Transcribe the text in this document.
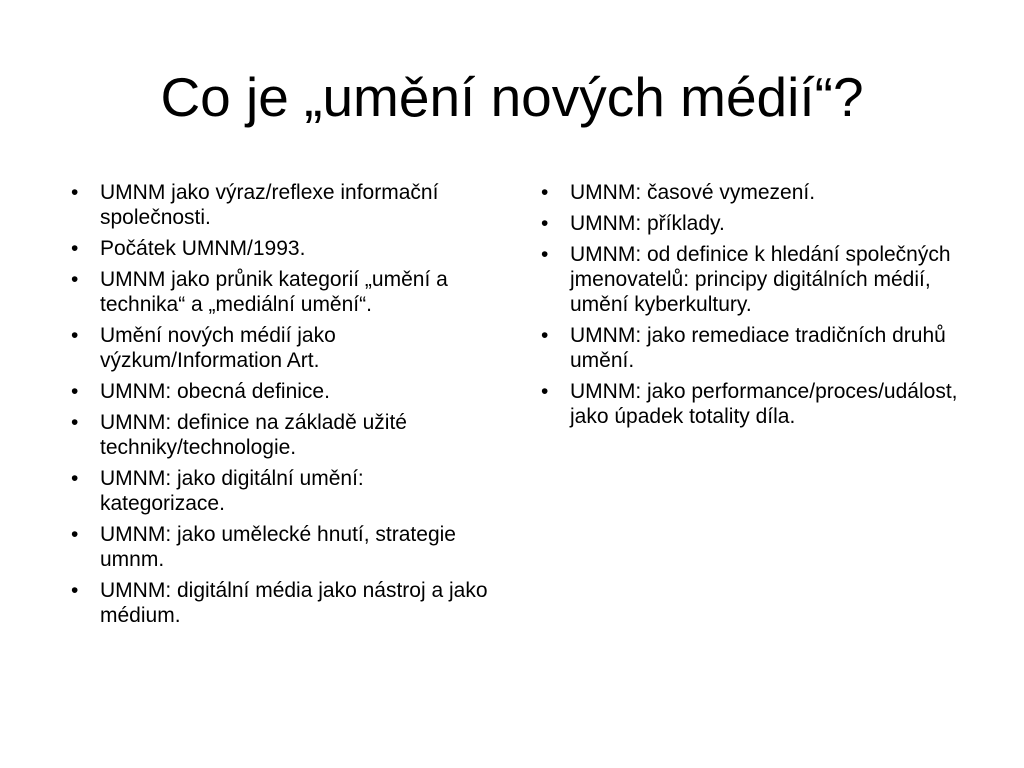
Co je „umění nových médií“?
•	UMNM jako výraz/reflexe informační společnosti.
•	Počátek UMNM/1993.
•	UMNM jako průnik kategorií „umění a technika“ a „mediální umění“.
•	Umění nových médií jako výzkum/Information Art.
•	UMNM: obecná definice.
•	UMNM: definice na základě užité techniky/technologie.
•	UMNM: jako digitální umění: kategorizace.
•	UMNM: jako umělecké hnutí, strategie umnm.
•	UMNM: digitální média jako nástroj a jako médium.
•	UMNM: časové vymezení.
•	UMNM: příklady.
•	UMNM: od definice k hledání společných jmenovatelů: principy digitálních médií, umění kyberkultury.
•	UMNM: jako remediace tradičních druhů umění.
•	UMNM: jako performance/proces/událost, jako úpadek totality díla.
